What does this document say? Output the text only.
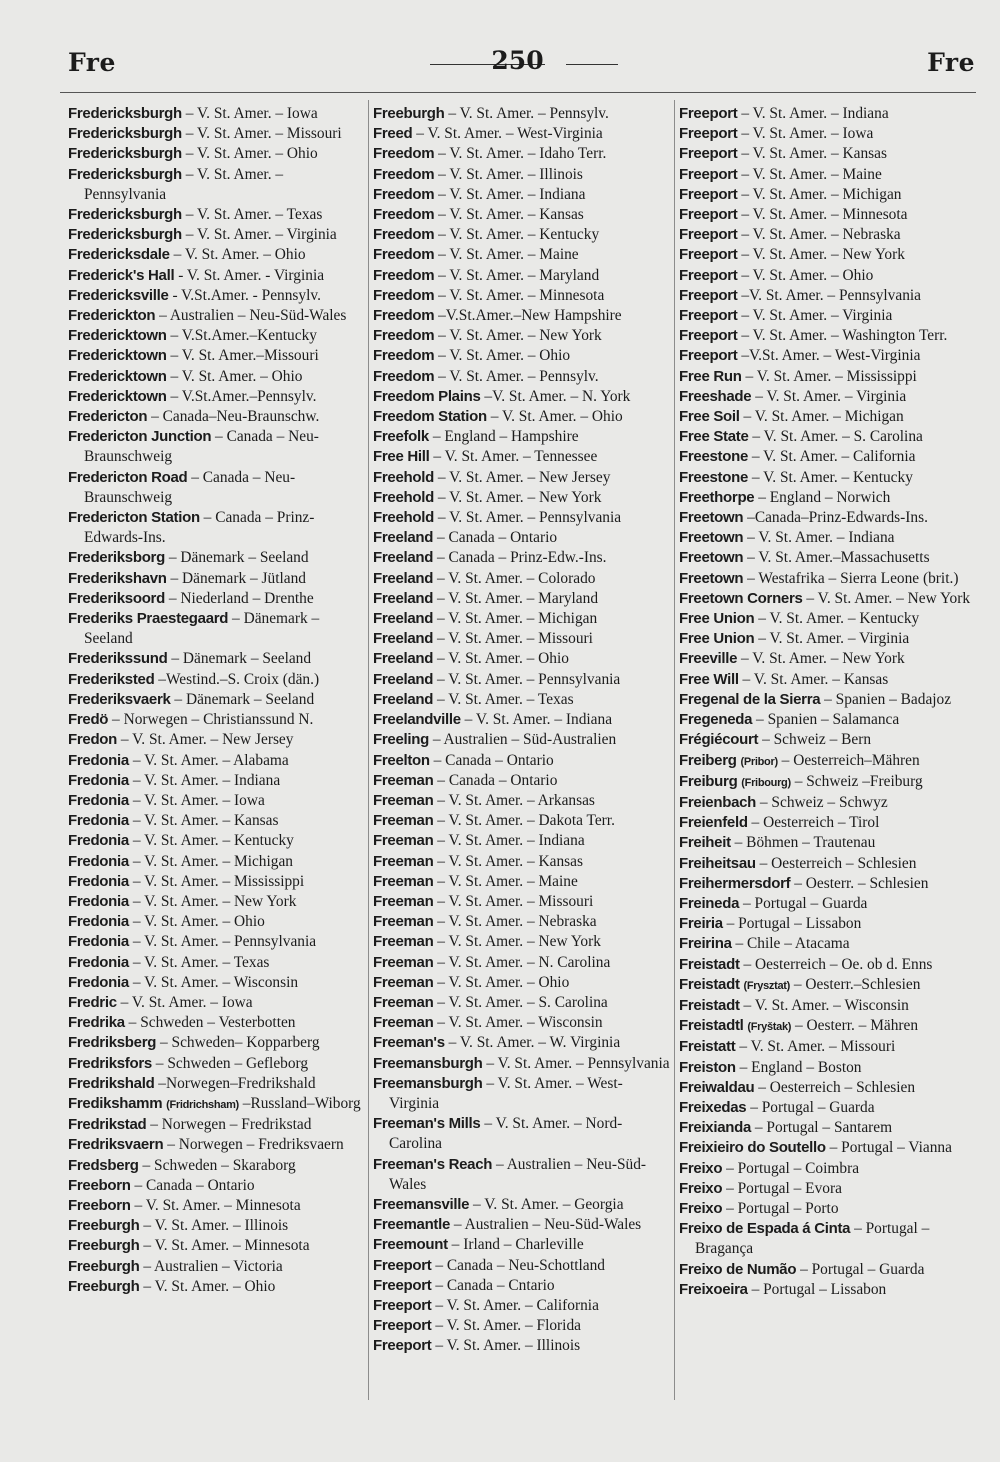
Fre	250	Fre
Fredericksburgh – V. St. Amer. – Iowa
Fredericksburgh – V. St. Amer. – Missouri
Fredericksburgh – V. St. Amer. – Ohio
Fredericksburgh – V. St. Amer. – Pennsylvania
Fredericksburgh – V. St. Amer. – Texas
Fredericksburgh – V. St. Amer. – Virginia
Fredericksdale – V. St. Amer. – Ohio
Frederick's Hall - V. St. Amer. - Virginia
Fredericksville - V.St.Amer. - Pennsylv.
Frederickton – Australien – Neu-Süd-Wales
Fredericktown – V.St.Amer.–Kentucky
Fredericktown – V. St. Amer.–Missouri
Fredericktown – V. St. Amer. – Ohio
Fredericktown – V.St.Amer.–Pennsylv.
Fredericton – Canada–Neu-Braunschw.
Fredericton Junction – Canada – Neu-Braunschweig
Fredericton Road – Canada – Neu-Braunschweig
Fredericton Station – Canada – Prinz-Edwards-Ins.
Frederiksborg – Dänemark – Seeland
Frederikshavn – Dänemark – Jütland
Frederiksoord – Niederland – Drenthe
Frederiks Praestegaard – Dänemark – Seeland
Frederikssund – Dänemark – Seeland
Frederiksted –Westind.–S. Croix (dän.)
Frederiksvaerk – Dänemark – Seeland
Fredö – Norwegen – Christianssund N.
Fredon – V. St. Amer. – New Jersey
Fredonia – V. St. Amer. – Alabama
Fredonia – V. St. Amer. – Indiana
Fredonia – V. St. Amer. – Iowa
Fredonia – V. St. Amer. – Kansas
Fredonia – V. St. Amer. – Kentucky
Fredonia – V. St. Amer. – Michigan
Fredonia – V. St. Amer. – Mississippi
Fredonia – V. St. Amer. – New York
Fredonia – V. St. Amer. – Ohio
Fredonia – V. St. Amer. – Pennsylvania
Fredonia – V. St. Amer. – Texas
Fredonia – V. St. Amer. – Wisconsin
Fredric – V. St. Amer. – Iowa
Fredrika – Schweden – Vesterbotten
Fredriksberg – Schweden– Kopparberg
Fredriksfors – Schweden – Gefleborg
Fredrikshald –Norwegen–Fredrikshald
Fredikshamm (Fridrichsham) –Russland–Wiborg
Fredrikstad – Norwegen – Fredrikstad
Fredriksvaern – Norwegen – Fredriksvaern
Fredsberg – Schweden – Skaraborg
Freeborn – Canada – Ontario
Freeborn – V. St. Amer. – Minnesota
Freeburgh – V. St. Amer. – Illinois
Freeburgh – V. St. Amer. – Minnesota
Freeburgh – Australien – Victoria
Freeburgh – V. St. Amer. – Ohio
Freeburgh – V. St. Amer. – Pennsylv.
Freed – V. St. Amer. – West-Virginia
Freedom – V. St. Amer. – Idaho Terr.
Freedom – V. St. Amer. – Illinois
Freedom – V. St. Amer. – Indiana
Freedom – V. St. Amer. – Kansas
Freedom – V. St. Amer. – Kentucky
Freedom – V. St. Amer. – Maine
Freedom – V. St. Amer. – Maryland
Freedom – V. St. Amer. – Minnesota
Freedom –V.St.Amer.–New Hampshire
Freedom – V. St. Amer. – New York
Freedom – V. St. Amer. – Ohio
Freedom – V. St. Amer. – Pennsylv.
Freedom Plains –V. St. Amer. – N. York
Freedom Station – V. St. Amer. – Ohio
Freefolk – England – Hampshire
Free Hill – V. St. Amer. – Tennessee
Freehold – V. St. Amer. – New Jersey
Freehold – V. St. Amer. – New York
Freehold – V. St. Amer. – Pennsylvania
Freeland – Canada – Ontario
Freeland – Canada – Prinz-Edw.-Ins.
Freeland – V. St. Amer. – Colorado
Freeland – V. St. Amer. – Maryland
Freeland – V. St. Amer. – Michigan
Freeland – V. St. Amer. – Missouri
Freeland – V. St. Amer. – Ohio
Freeland – V. St. Amer. – Pennsylvania
Freeland – V. St. Amer. – Texas
Freelandville – V. St. Amer. – Indiana
Freeling – Australien – Süd-Australien
Freelton – Canada – Ontario
Freeman – Canada – Ontario
Freeman – V. St. Amer. – Arkansas
Freeman – V. St. Amer. – Dakota Terr.
Freeman – V. St. Amer. – Indiana
Freeman – V. St. Amer. – Kansas
Freeman – V. St. Amer. – Maine
Freeman – V. St. Amer. – Missouri
Freeman – V. St. Amer. – Nebraska
Freeman – V. St. Amer. – New York
Freeman – V. St. Amer. – N. Carolina
Freeman – V. St. Amer. – Ohio
Freeman – V. St. Amer. – S. Carolina
Freeman – V. St. Amer. – Wisconsin
Freeman's – V. St. Amer. – W. Virginia
Freemansburgh – V. St. Amer. – Pennsylvania
Freemansburgh – V. St. Amer. – West-Virginia
Freeman's Mills – V. St. Amer. – Nord-Carolina
Freeman's Reach – Australien – Neu-Süd-Wales
Freemansville – V. St. Amer. – Georgia
Freemantle – Australien – Neu-Süd-Wales
Freemount – Irland – Charleville
Freeport – Canada – Neu-Schottland
Freeport – Canada – Cntario
Freeport – V. St. Amer. – California
Freeport – V. St. Amer. – Florida
Freeport – V. St. Amer. – Illinois
Freeport – V. St. Amer. – Indiana
Freeport – V. St. Amer. – Iowa
Freeport – V. St. Amer. – Kansas
Freeport – V. St. Amer. – Maine
Freeport – V. St. Amer. – Michigan
Freeport – V. St. Amer. – Minnesota
Freeport – V. St. Amer. – Nebraska
Freeport – V. St. Amer. – New York
Freeport – V. St. Amer. – Ohio
Freeport –V. St. Amer. – Pennsylvania
Freeport – V. St. Amer. – Virginia
Freeport – V. St. Amer. – Washington Terr.
Freeport –V.St. Amer. – West-Virginia
Free Run – V. St. Amer. – Mississippi
Freeshade – V. St. Amer. – Virginia
Free Soil – V. St. Amer. – Michigan
Free State – V. St. Amer. – S. Carolina
Freestone – V. St. Amer. – California
Freestone – V. St. Amer. – Kentucky
Freethorpe – England – Norwich
Freetown –Canada–Prinz-Edwards-Ins.
Freetown – V. St. Amer. – Indiana
Freetown – V. St. Amer.–Massachusetts
Freetown – Westafrika – Sierra Leone (brit.)
Freetown Corners – V. St. Amer. – New York
Free Union – V. St. Amer. – Kentucky
Free Union – V. St. Amer. – Virginia
Freeville – V. St. Amer. – New York
Free Will – V. St. Amer. – Kansas
Fregenal de la Sierra – Spanien – Badajoz
Fregeneda – Spanien – Salamanca
Frégiécourt – Schweiz – Bern
Freiberg (Pribor) – Oesterreich–Mähren
Freiburg (Fribourg) – Schweiz –Freiburg
Freienbach – Schweiz – Schwyz
Freienfeld – Oesterreich – Tirol
Freiheit – Böhmen – Trautenau
Freiheitsau – Oesterreich – Schlesien
Freihermersdorf – Oesterr. – Schlesien
Freineda – Portugal – Guarda
Freiria – Portugal – Lissabon
Freirina – Chile – Atacama
Freistadt – Oesterreich – Oe. ob d. Enns
Freistadt (Frysztat) – Oesterr.–Schlesien
Freistadt – V. St. Amer. – Wisconsin
Freistadtl (Fryštak) – Oesterr. – Mähren
Freistatt – V. St. Amer. – Missouri
Freiston – England – Boston
Freiwaldau – Oesterreich – Schlesien
Freixedas – Portugal – Guarda
Freixianda – Portugal – Santarem
Freixieiro do Soutello – Portugal – Vianna
Freixo – Portugal – Coimbra
Freixo – Portugal – Evora
Freixo – Portugal – Porto
Freixo de Espada á Cinta – Portugal – Bragança
Freixo de Numão – Portugal – Guarda
Freixoeira – Portugal – Lissabon
